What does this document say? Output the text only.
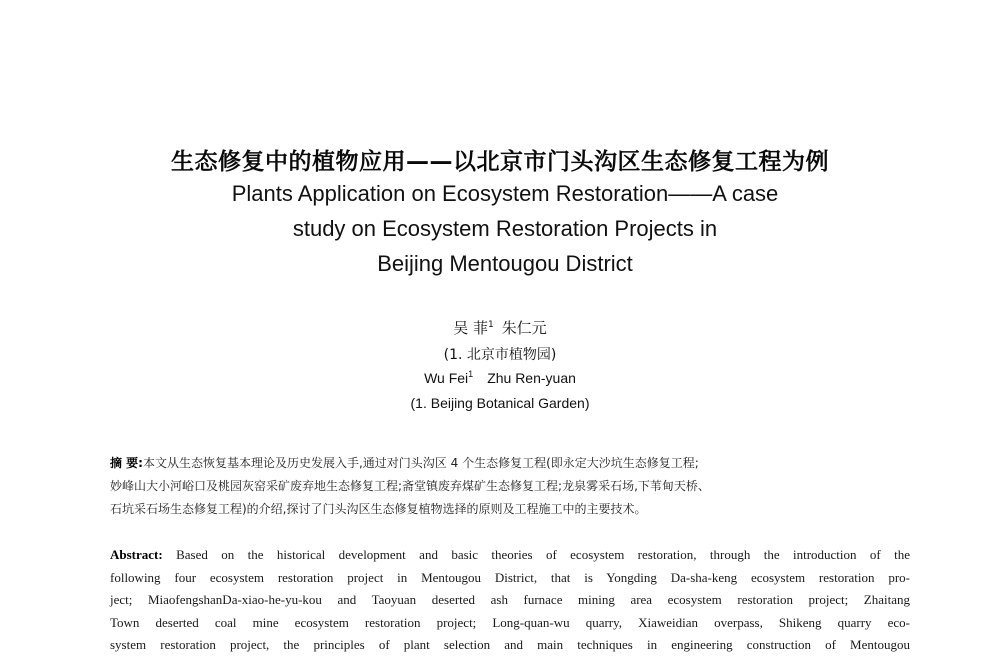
生态修复中的植物应用——以北京市门头沟区生态修复工程为例
Plants Application on Ecosystem Restoration——A case
study on Ecosystem Restoration Projects in
Beijing Mentougou District
吴 菲$^1$ 朱仁元
(1. 北京市植物园)
Wu Fei$^1$ Zhu Ren-yuan
(1. Beijing Botanical Garden)
摘 要:本文从生态恢复基本理论及历史发展入手,通过对门头沟区 4 个生态修复工程(即永定大沙坑生态修复工程;
妙峰山大小河峪口及桃园灰窑采矿废弃地生态修复工程;斋堂镇废弃煤矿生态修复工程;龙泉雾采石场,下苇甸天桥、
石坑采石场生态修复工程)的介绍,探讨了门头沟区生态修复植物选择的原则及工程施工中的主要技术。
Abstract: Based on the historical development and basic theories of ecosystem restoration, through the introduction of the
following four ecosystem restoration project in Mentougou District, that is Yongding Da-sha-keng ecosystem restoration pro-
ject; MiaofengshanDa-xiao-he-yu-kou and Taoyuan deserted ash furnace mining area ecosystem restoration project; Zhaitang
Town deserted coal mine ecosystem restoration project; Long-quan-wu quarry, Xiaweidian overpass, Shikeng quarry eco-
system restoration project, the principles of plant selection and main techniques in engineering construction of Mentougou
